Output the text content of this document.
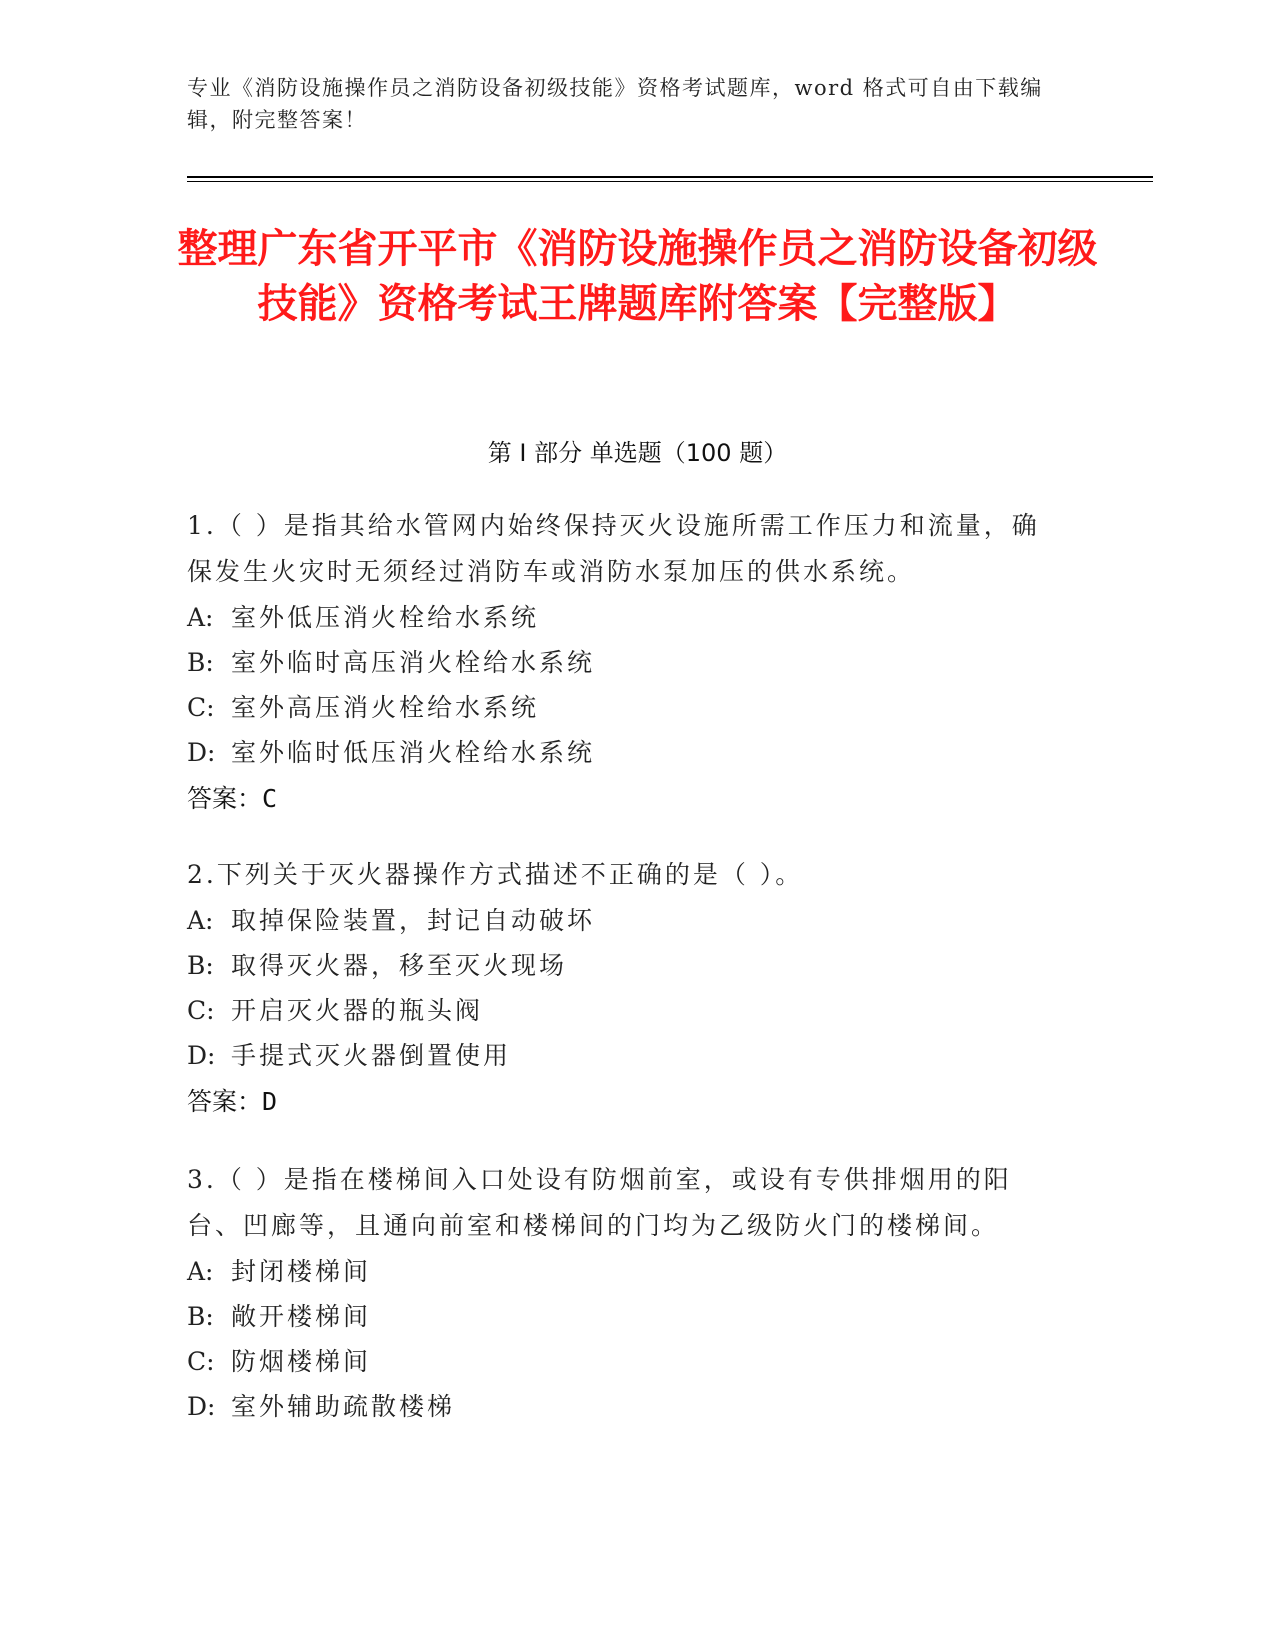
专业《消防设施操作员之消防设备初级技能》资格考试题库，word 格式可自由下载编辑，附完整答案！
整理广东省开平市《消防设施操作员之消防设备初级技能》资格考试王牌题库附答案【完整版】
第 I 部分 单选题（100 题）
1.（ ）是指其给水管网内始终保持灭火设施所需工作压力和流量，确保发生火灾时无须经过消防车或消防水泵加压的供水系统。
A: 室外低压消火栓给水系统
B: 室外临时高压消火栓给水系统
C: 室外高压消火栓给水系统
D: 室外临时低压消火栓给水系统
答案：C
2.下列关于灭火器操作方式描述不正确的是（ ）。
A: 取掉保险装置，封记自动破坏
B: 取得灭火器，移至灭火现场
C: 开启灭火器的瓶头阀
D: 手提式灭火器倒置使用
答案：D
3.（ ）是指在楼梯间入口处设有防烟前室，或设有专供排烟用的阳台、凹廊等，且通向前室和楼梯间的门均为乙级防火门的楼梯间。
A: 封闭楼梯间
B: 敞开楼梯间
C: 防烟楼梯间
D: 室外辅助疏散楼梯
